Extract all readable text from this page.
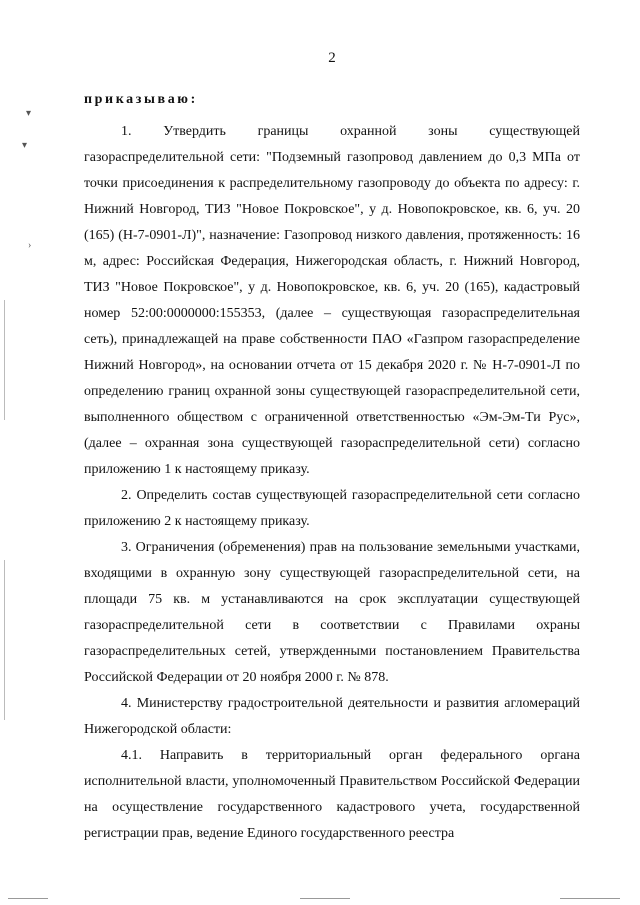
2
приказываю:

1. Утвердить границы охранной зоны существующей газораспределительной сети: "Подземный газопровод давлением до 0,3 МПа от точки присоединения к распределительному газопроводу до объекта по адресу: г. Нижний Новгород, ТИЗ "Новое Покровское", у д. Новопокровское, кв. 6, уч. 20 (165) (Н-7-0901-Л)", назначение: Газопровод низкого давления, протяженность: 16 м, адрес: Российская Федерация, Нижегородская область, г. Нижний Новгород, ТИЗ "Новое Покровское", у д. Новопокровское, кв. 6, уч. 20 (165), кадастровый номер 52:00:0000000:155353, (далее – существующая газораспределительная сеть), принадлежащей на праве собственности ПАО «Газпром газораспределение Нижний Новгород», на основании отчета от 15 декабря 2020 г. № Н-7-0901-Л по определению границ охранной зоны существующей газораспределительной сети, выполненного обществом с ограниченной ответственностью «Эм-Эм-Ти Рус», (далее – охранная зона существующей газораспределительной сети) согласно приложению 1 к настоящему приказу.

2. Определить состав существующей газораспределительной сети согласно приложению 2 к настоящему приказу.

3. Ограничения (обременения) прав на пользование земельными участками, входящими в охранную зону существующей газораспределительной сети, на площади 75 кв. м устанавливаются на срок эксплуатации существующей газораспределительной сети в соответствии с Правилами охраны газораспределительных сетей, утвержденными постановлением Правительства Российской Федерации от 20 ноября 2000 г. № 878.

4. Министерству градостроительной деятельности и развития агломераций Нижегородской области:

4.1. Направить в территориальный орган федерального органа исполнительной власти, уполномоченный Правительством Российской Федерации на осуществление государственного кадастрового учета, государственной регистрации прав, ведение Единого государственного реестра

▾
▾
›
